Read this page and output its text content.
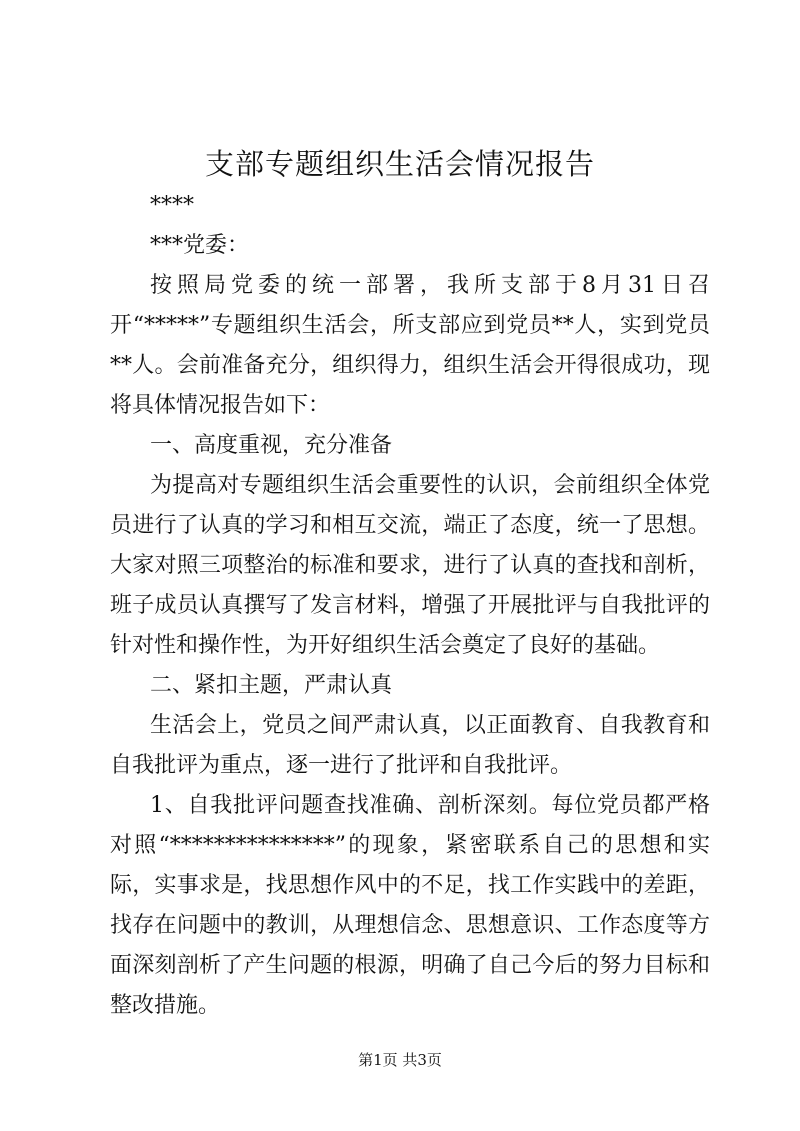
支部专题组织生活会情况报告

****

***党委：

按照局党委的统一部署，我所支部于8月31日召开“*****”专题组织生活会，所支部应到党员**人，实到党员**人。会前准备充分，组织得力，组织生活会开得很成功，现将具体情况报告如下：

一、高度重视，充分准备

为提高对专题组织生活会重要性的认识，会前组织全体党员进行了认真的学习和相互交流，端正了态度，统一了思想。大家对照三项整治的标准和要求，进行了认真的查找和剖析，班子成员认真撰写了发言材料，增强了开展批评与自我批评的针对性和操作性，为开好组织生活会奠定了良好的基础。

二、紧扣主题，严肃认真

生活会上，党员之间严肃认真，以正面教育、自我教育和自我批评为重点，逐一进行了批评和自我批评。

1、自我批评问题查找准确、剖析深刻。每位党员都严格对照“***************”的现象，紧密联系自己的思想和实际，实事求是，找思想作风中的不足，找工作实践中的差距，找存在问题中的教训，从理想信念、思想意识、工作态度等方面深刻剖析了产生问题的根源，明确了自己今后的努力目标和整改措施。

第1页 共3页
